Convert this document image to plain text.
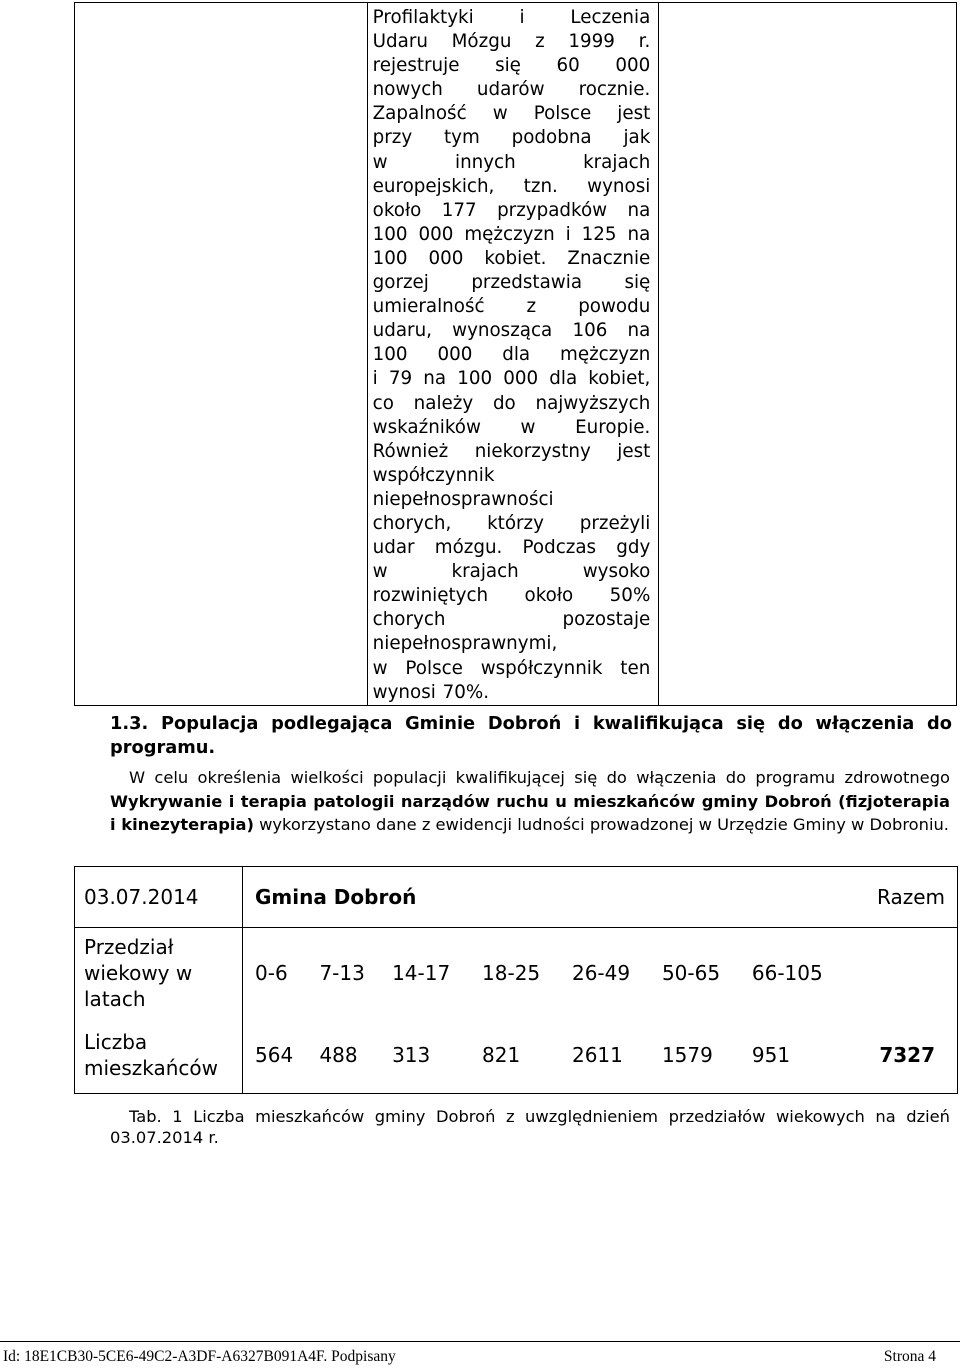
Profilaktyki i Leczenia
Udaru Mózgu z 1999 r.
rejestruje się 60 000
nowych udarów rocznie.
Zapalność w Polsce jest
przy tym podobna jak
w innych krajach
europejskich, tzn. wynosi
około 177 przypadków na
100 000 mężczyzn i 125 na
100 000 kobiet. Znacznie
gorzej przedstawia się
umieralność z powodu
udaru, wynosząca 106 na
100 000 dla mężczyzn
i 79 na 100 000 dla kobiet,
co należy do najwyższych
wskaźników w Europie.
Również niekorzystny jest
współczynnik
niepełnosprawności
chorych, którzy przeżyli
udar mózgu. Podczas gdy
w krajach wysoko
rozwiniętych około 50%
chorych pozostaje
niepełnosprawnymi,
w Polsce współczynnik ten
wynosi 70%.

1.3. Populacja podlegająca Gminie Dobroń i kwalifikująca się do włączenia do programu.

W celu określenia wielkości populacji kwalifikującej się do włączenia do programu zdrowotnego Wykrywanie i terapia patologii narządów ruchu u mieszkańców gminy Dobroń (fizjoterapia i kinezyterapia) wykorzystano dane z ewidencji ludności prowadzonej w Urzędzie Gminy w Dobroniu.

03.07.2014	Gmina Dobroń						Razem	
Przedział wiekowy w latach	0-6	7-13	14-17	18-25	26-49	50-65	66-105	
Liczba mieszkańców	564	488	313	821	2611	1579	951	7327

Tab. 1 Liczba mieszkańców gminy Dobroń z uwzględnieniem przedziałów wiekowych na dzień 03.07.2014 r.

Id: 18E1CB30-5CE6-49C2-A3DF-A6327B091A4F. Podpisany	Strona 4
